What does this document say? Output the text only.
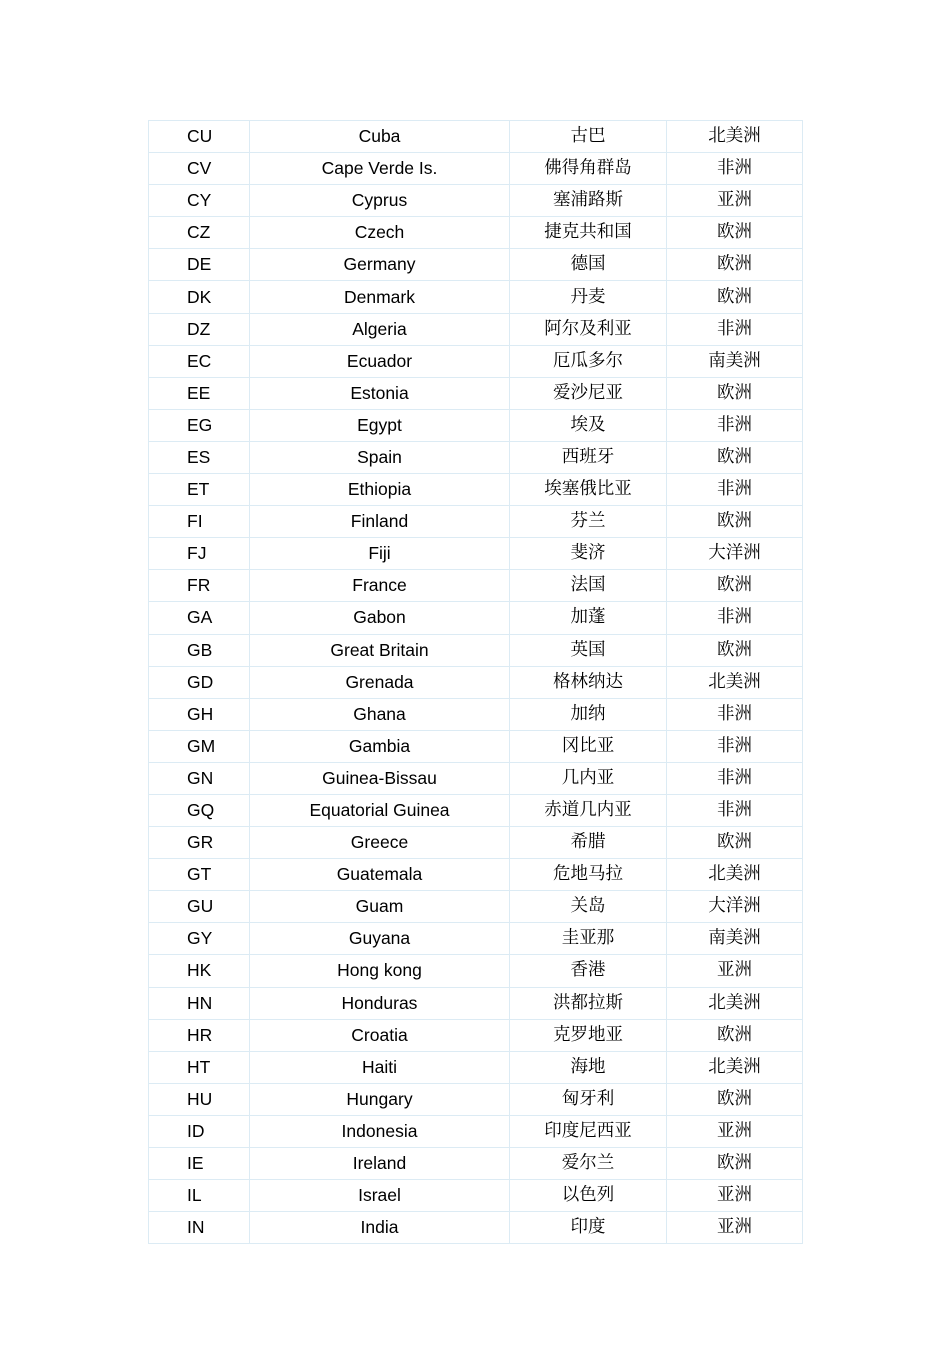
CU	Cuba	古巴	北美洲
CV	Cape Verde Is.	佛得角群岛	非洲
CY	Cyprus	塞浦路斯	亚洲
CZ	Czech	捷克共和国	欧洲
DE	Germany	德国	欧洲
DK	Denmark	丹麦	欧洲
DZ	Algeria	阿尔及利亚	非洲
EC	Ecuador	厄瓜多尔	南美洲
EE	Estonia	爱沙尼亚	欧洲
EG	Egypt	埃及	非洲
ES	Spain	西班牙	欧洲
ET	Ethiopia	埃塞俄比亚	非洲
FI	Finland	芬兰	欧洲
FJ	Fiji	斐济	大洋洲
FR	France	法国	欧洲
GA	Gabon	加蓬	非洲
GB	Great Britain	英国	欧洲
GD	Grenada	格林纳达	北美洲
GH	Ghana	加纳	非洲
GM	Gambia	冈比亚	非洲
GN	Guinea-Bissau	几内亚	非洲
GQ	Equatorial Guinea	赤道几内亚	非洲
GR	Greece	希腊	欧洲
GT	Guatemala	危地马拉	北美洲
GU	Guam	关岛	大洋洲
GY	Guyana	圭亚那	南美洲
HK	Hong kong	香港	亚洲
HN	Honduras	洪都拉斯	北美洲
HR	Croatia	克罗地亚	欧洲
HT	Haiti	海地	北美洲
HU	Hungary	匈牙利	欧洲
ID	Indonesia	印度尼西亚	亚洲
IE	Ireland	爱尔兰	欧洲
IL	Israel	以色列	亚洲
IN	India	印度	亚洲
